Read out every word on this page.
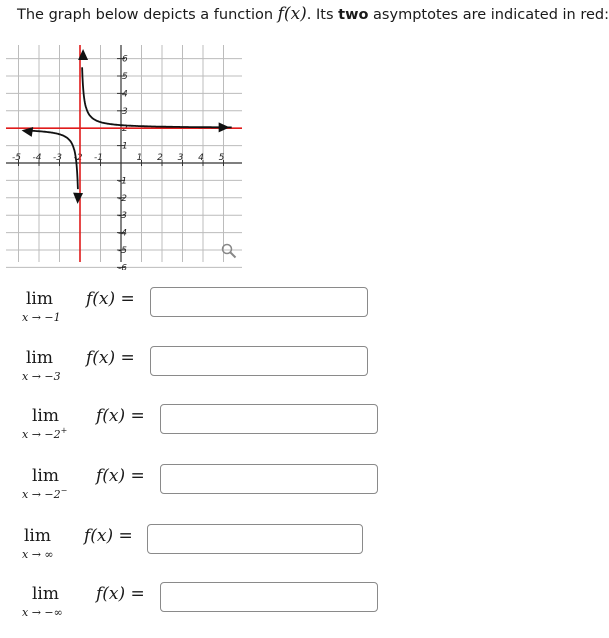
The graph below depicts a function f(x). Its two asymptotes are indicated in red:
-5 -4 -3 -2 -1	1 2 3 4 5
1
2
3
4
5
6
-1
-2
-3
-4
-5
-6
lim
x → −1
f(x) =
lim
x → −3
f(x) =
lim
x → −2+
f(x) =
lim
x → −2−
f(x) =
lim
x → ∞
f(x) =
lim
x → −∞
f(x) =
